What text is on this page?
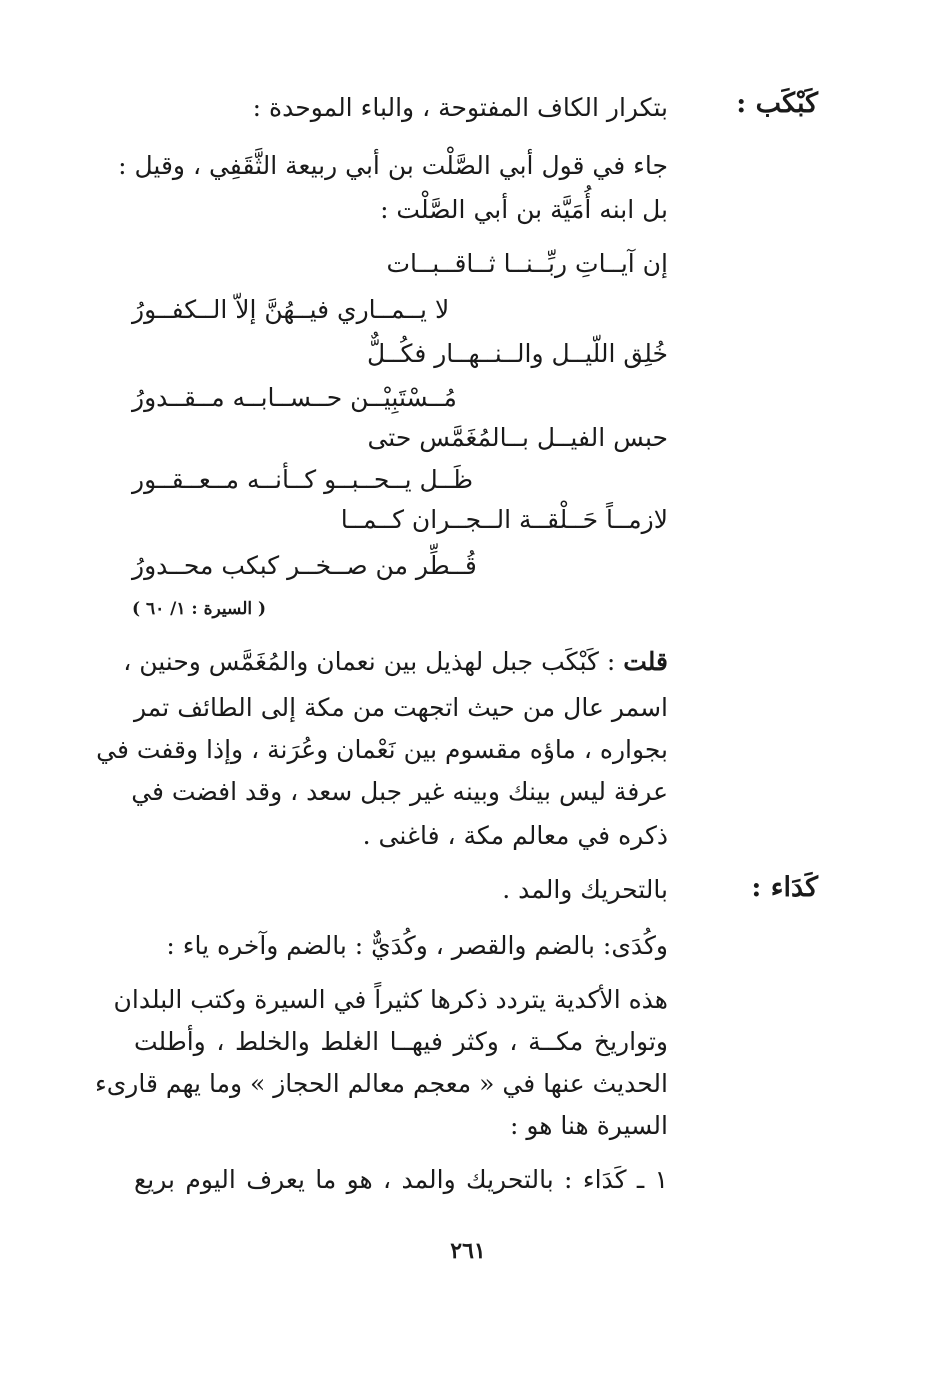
كَبْكَب :
بتكرار الكاف المفتوحة ، والباء الموحدة :
جاء في قول أبي الصَّلْت بن أبي ربيعة الثَّقَفِي ، وقيل :
بل ابنه أُمَيَّة بن أبي الصَّلْت :
إن آيــاتِ ربِّــنــا ثــاقــبــات
لا يــمــاري فيــهُنَّ إلاّ الــكفــورُ
خُلِق اللّيــل والــنــهــار فكُــلٌّ
مُــسْتَبِيْــن حــســابــه مــقــدورُ
حبس الفيــل بــالمُغَمَّس حتى
ظَــل يــحــبــو كــأنــه مــعــقــور
لازمــاً حَــلْقــة الــجــران كــمــا
قُــطِّر من صــخــر كبكب محــدورُ
( السيرة : ١/ ٦٠ )
قلت : كَبْكَب جبل لهذيل بين نعمان والمُغَمَّس وحنين ،
اسمر عال من حيث اتجهت من مكة إلى الطائف تمر
بجواره ، ماؤه مقسوم بين نَعْمان وعُرَنة ، وإذا وقفت في
عرفة ليس بينك وبينه غير جبل سعد ، وقد افضت في
ذكره في معالم مكة ، فاغنى .
كَدَاء :
بالتحريك والمد .
وكُدَى: بالضم والقصر ، وكُدَيٌّ : بالضم وآخره ياء :
هذه الأكدية يتردد ذكرها كثيراً في السيرة وكتب البلدان
وتواريخ مكــة ، وكثر فيهــا الغلط والخلط ، وأطلت
الحديث عنها في « معجم معالم الحجاز » وما يهم قارىء
السيرة هنا هو :
١ ـ كَدَاء : بالتحريك والمد ، هو ما يعرف اليوم بريع
٢٦١
